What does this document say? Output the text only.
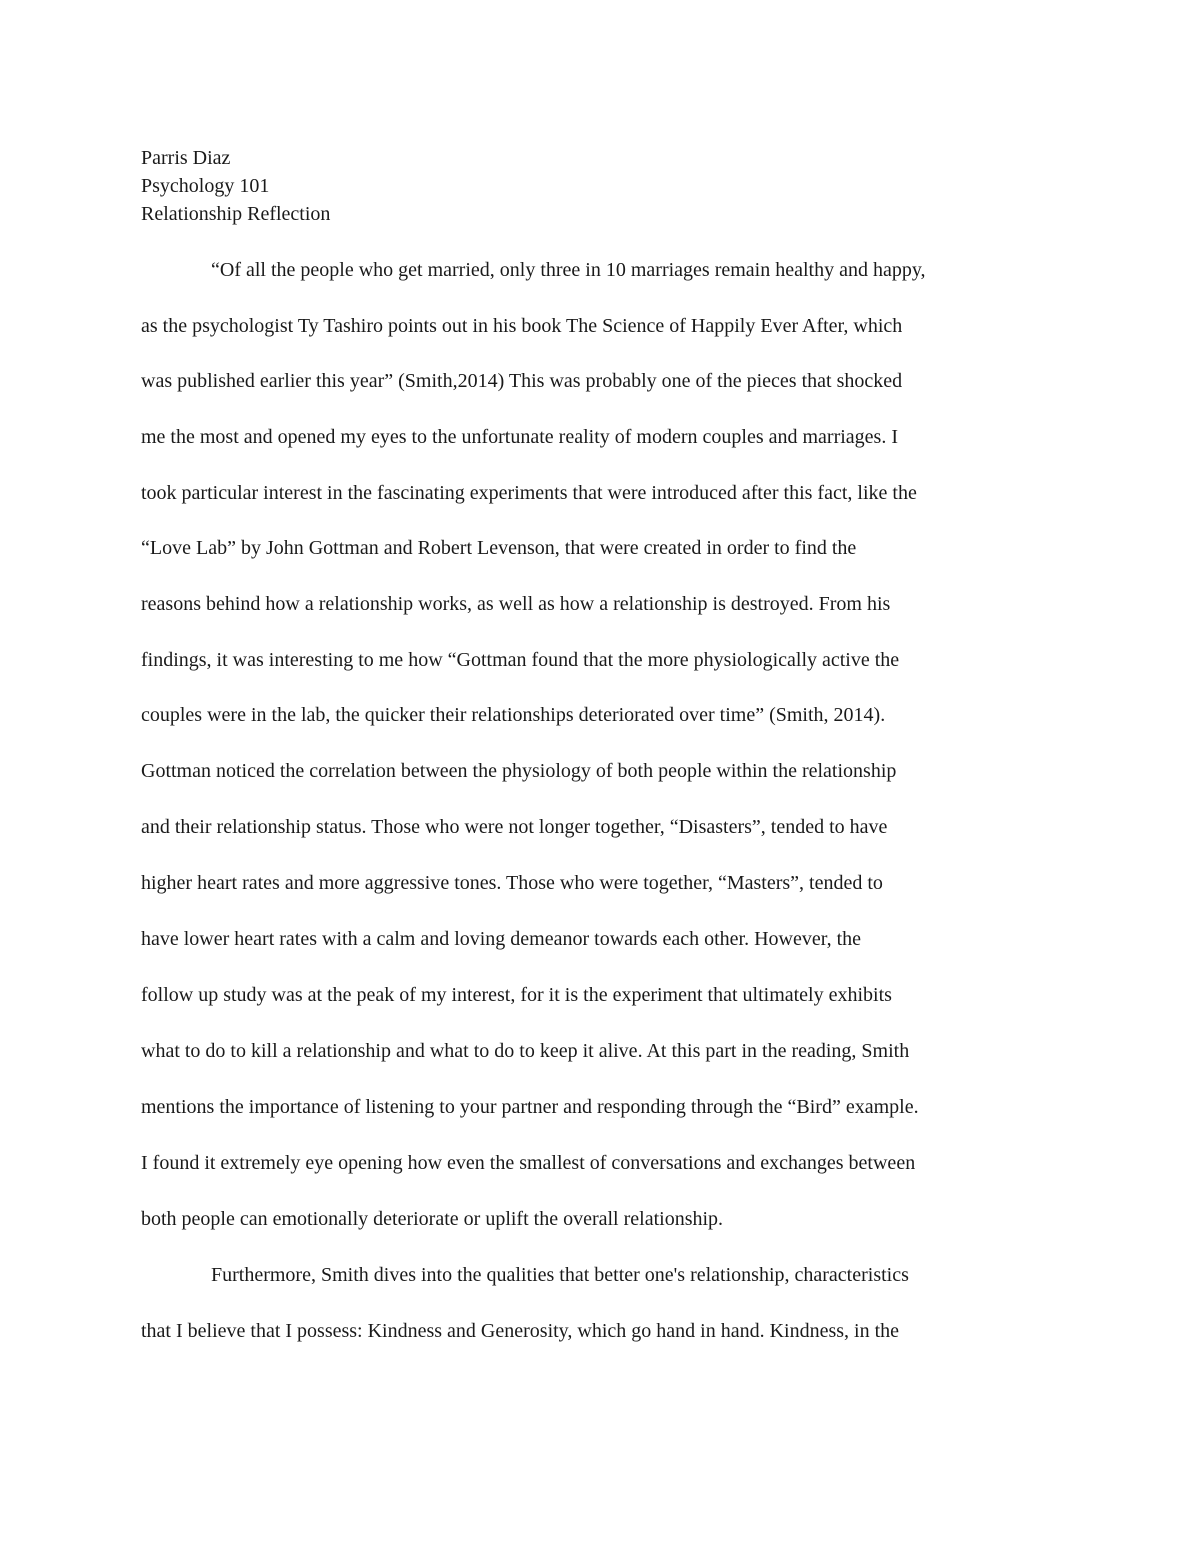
Parris Diaz
Psychology 101
Relationship Reflection
“Of all the people who get married, only three in 10 marriages remain healthy and happy,
as the psychologist Ty Tashiro points out in his book The Science of Happily Ever After, which
was published earlier this year” (Smith,2014) This was probably one of the pieces that shocked
me the most and opened my eyes to the unfortunate reality of modern couples and marriages. I
took particular interest in the fascinating experiments that were introduced after this fact, like the
“Love Lab” by John Gottman and Robert Levenson, that were created in order to find the
reasons behind how a relationship works, as well as how a relationship is destroyed. From his
findings, it was interesting to me how “Gottman found that the more physiologically active the
couples were in the lab, the quicker their relationships deteriorated over time” (Smith, 2014).
Gottman noticed the correlation between the physiology of both people within the relationship
and their relationship status. Those who were not longer together, “Disasters”, tended to have
higher heart rates and more aggressive tones. Those who were together, “Masters”, tended to
have lower heart rates with a calm and loving demeanor towards each other. However, the
follow up study was at the peak of my interest, for it is the experiment that ultimately exhibits
what to do to kill a relationship and what to do to keep it alive. At this part in the reading, Smith
mentions the importance of listening to your partner and responding through the “Bird” example.
I found it extremely eye opening how even the smallest of conversations and exchanges between
both people can emotionally deteriorate or uplift the overall relationship.
Furthermore, Smith dives into the qualities that better one's relationship, characteristics
that I believe that I possess: Kindness and Generosity, which go hand in hand. Kindness, in the
